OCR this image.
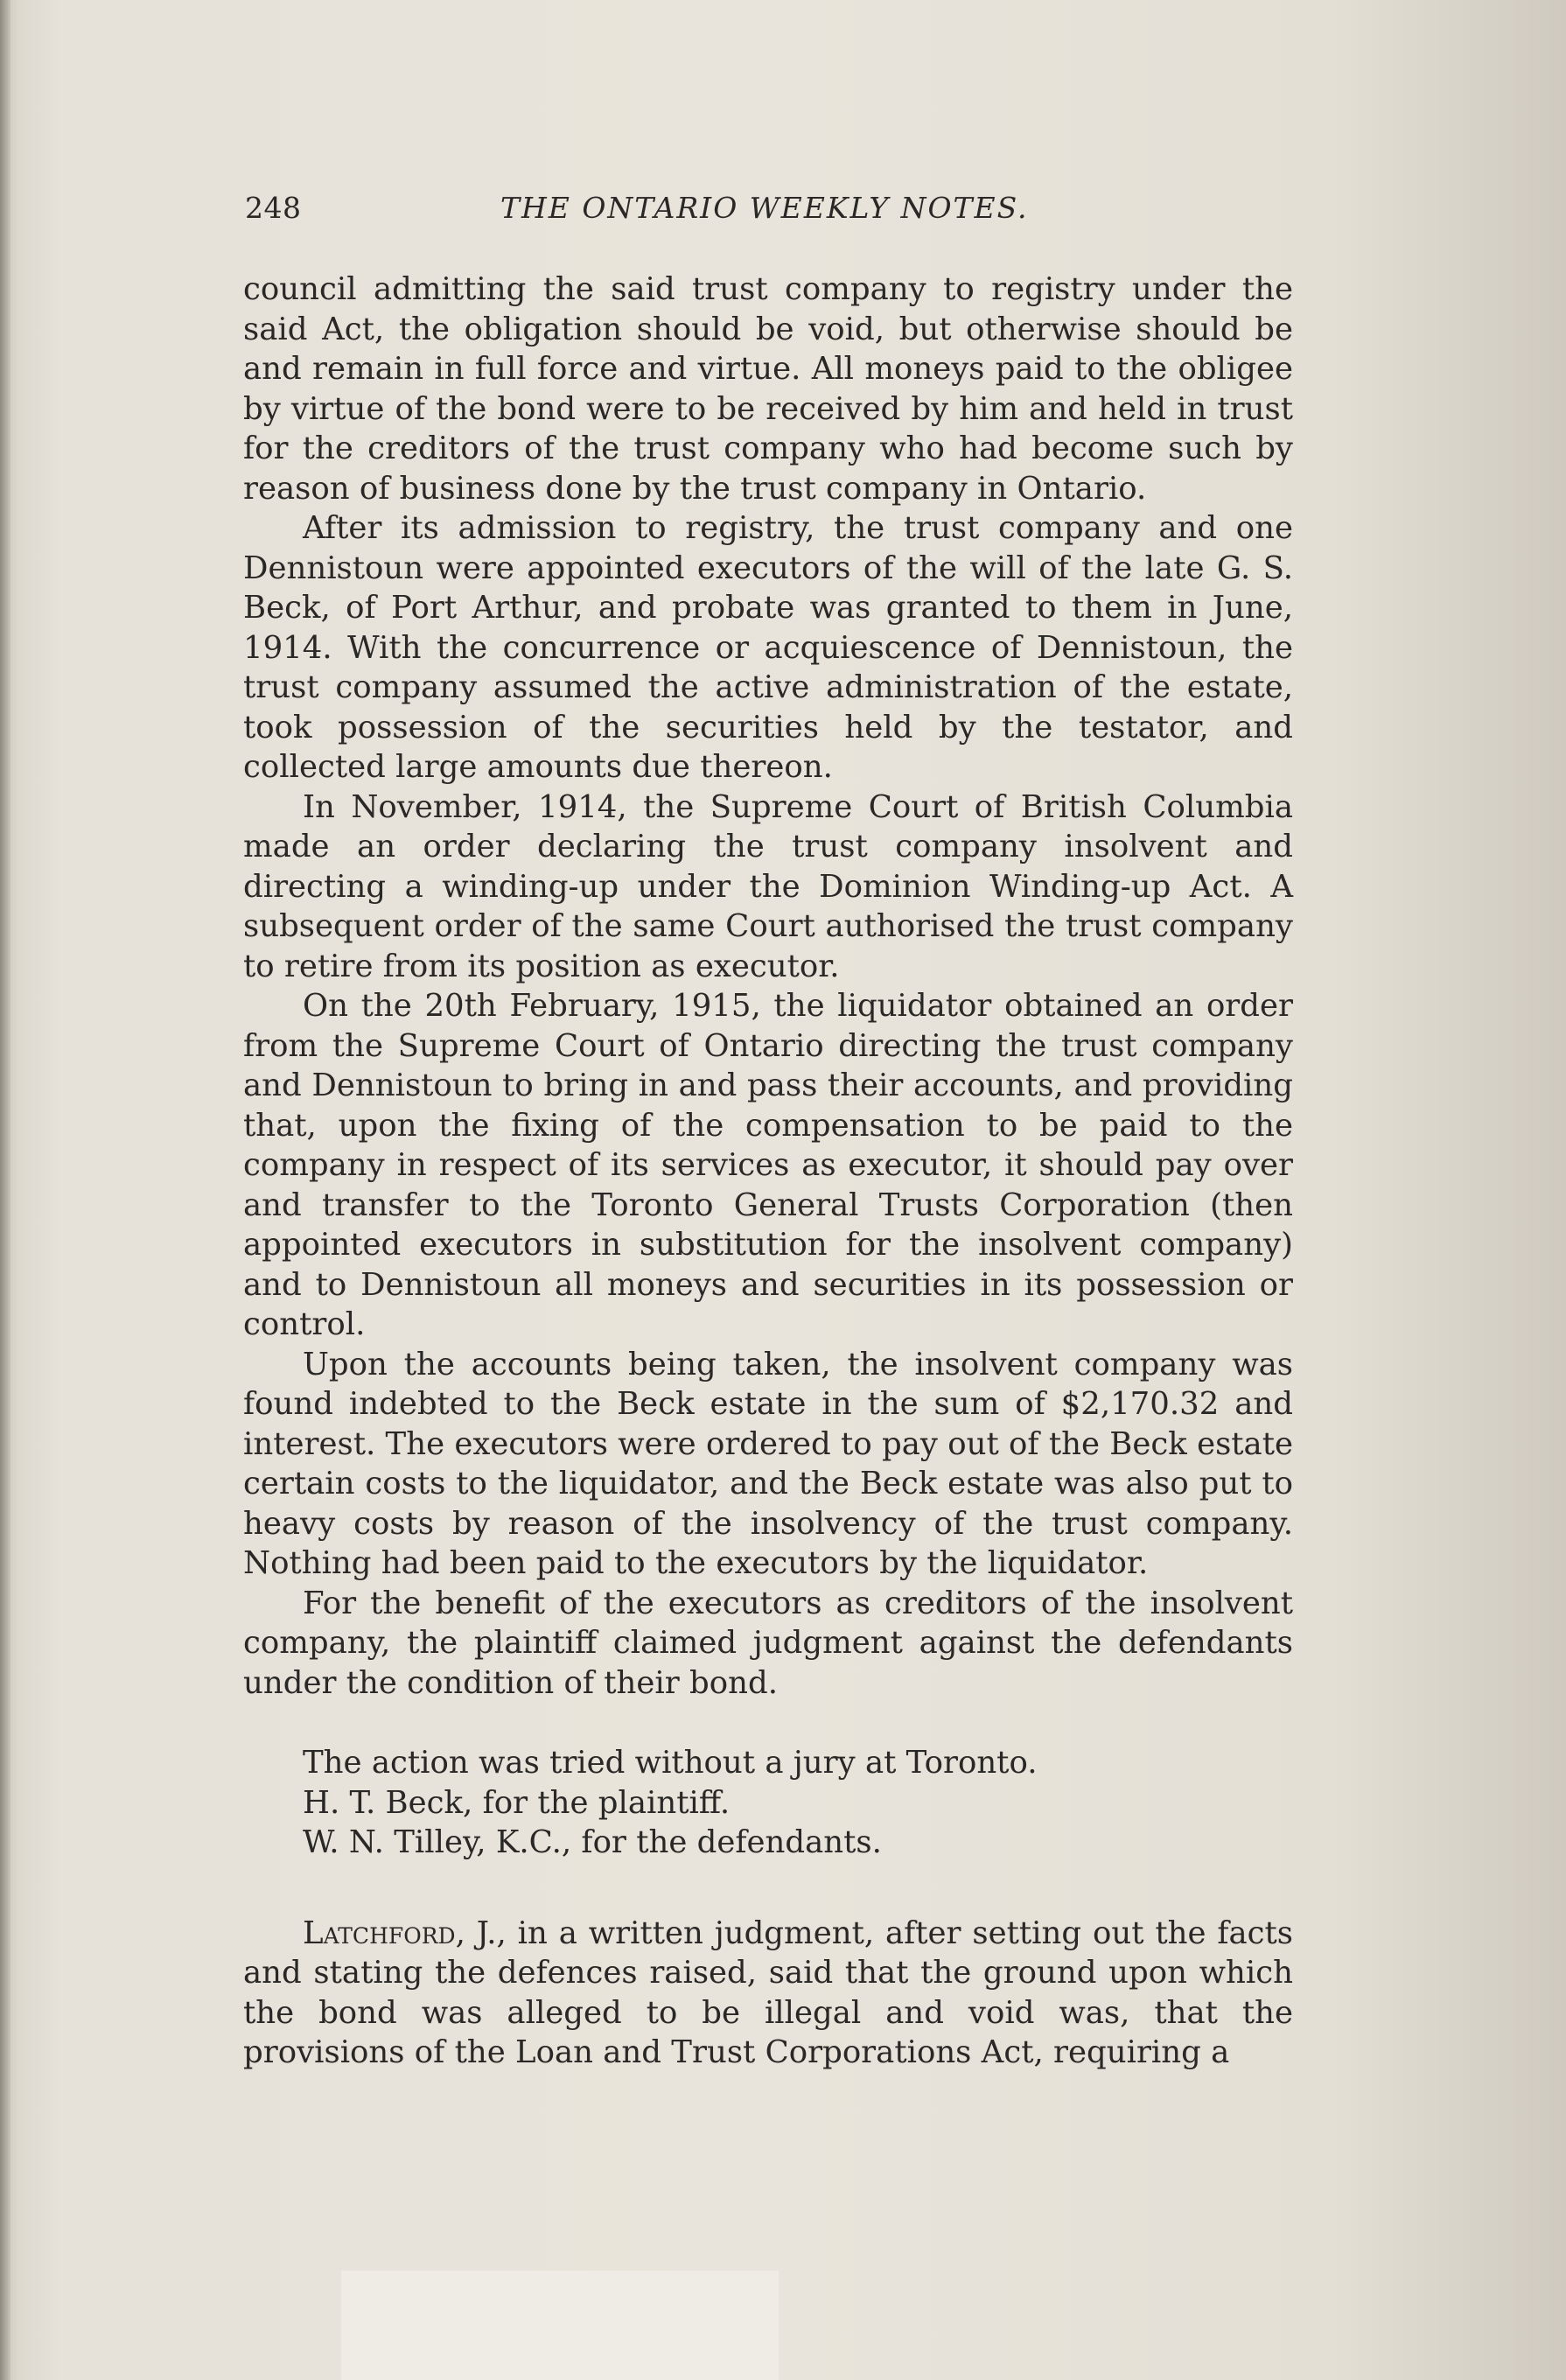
248	THE ONTARIO WEEKLY NOTES.

council admitting the said trust company to registry under the said Act, the obligation should be void, but otherwise should be and remain in full force and virtue. All moneys paid to the obligee by virtue of the bond were to be received by him and held in trust for the creditors of the trust company who had become such by reason of business done by the trust company in Ontario.

After its admission to registry, the trust company and one Dennistoun were appointed executors of the will of the late G. S. Beck, of Port Arthur, and probate was granted to them in June, 1914. With the concurrence or acquiescence of Dennistoun, the trust company assumed the active administration of the estate, took possession of the securities held by the testator, and collected large amounts due thereon.

In November, 1914, the Supreme Court of British Columbia made an order declaring the trust company insolvent and directing a winding-up under the Dominion Winding-up Act. A subsequent order of the same Court authorised the trust company to retire from its position as executor.

On the 20th February, 1915, the liquidator obtained an order from the Supreme Court of Ontario directing the trust company and Dennistoun to bring in and pass their accounts, and providing that, upon the fixing of the compensation to be paid to the company in respect of its services as executor, it should pay over and transfer to the Toronto General Trusts Corporation (then appointed executors in substitution for the insolvent company) and to Dennistoun all moneys and securities in its possession or control.

Upon the accounts being taken, the insolvent company was found indebted to the Beck estate in the sum of $2,170.32 and interest. The executors were ordered to pay out of the Beck estate certain costs to the liquidator, and the Beck estate was also put to heavy costs by reason of the insolvency of the trust company. Nothing had been paid to the executors by the liquidator.

For the benefit of the executors as creditors of the insolvent company, the plaintiff claimed judgment against the defendants under the condition of their bond.

The action was tried without a jury at Toronto.

H. T. Beck, for the plaintiff.

W. N. Tilley, K.C., for the defendants.

Latchford, J., in a written judgment, after setting out the facts and stating the defences raised, said that the ground upon which the bond was alleged to be illegal and void was, that the provisions of the Loan and Trust Corporations Act, requiring a
